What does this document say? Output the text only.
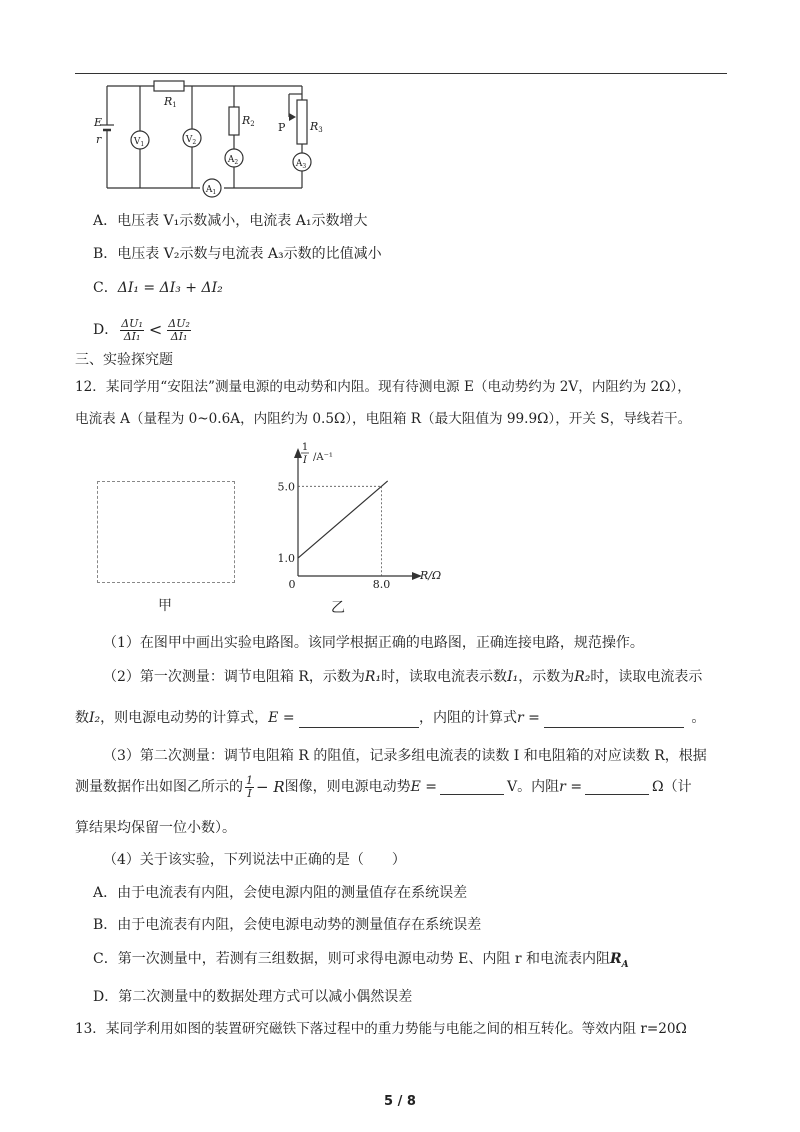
E
r
R1
R2	R3
P
$V_1$	$V_2$
$A_2$	$A_3$
$A_1$
A．电压表 V₁示数减小，电流表 A₁示数增大
B．电压表 V₂示数与电流表 A₃示数的比值减小
C．ΔI₁ = ΔI₃ + ΔI₂
D． ΔU₁
ΔI₁ < ΔU₂
ΔI₁
三、实验探究题
12．某同学用“安阻法”测量电源的电动势和内阻。现有待测电源 E（电动势约为 2V，内阻约为 2Ω），
电流表 A（量程为 0~0.6A，内阻约为 0.5Ω），电阻箱 R（最大阻值为 99.9Ω），开关 S，导线若干。
甲
1.0
5.0
8.0
0
R/Ω
1
I /A⁻¹
乙
（1）在图甲中画出实验电路图。该同学根据正确的电路图，正确连接电路，规范操作。
（2）第一次测量：调节电阻箱 R，示数为R₁时，读取电流表示数I₁，示数为R₂时，读取电流表示
数I₂，则电源电动势的计算式，E =	，内阻的计算式r =  	。
（3）第二次测量：调节电阻箱 R 的阻值，记录多组电流表的读数 I 和电阻箱的对应读数 R，根据
测量数据作出如图乙所示的 1
I − R 图像，则电源电动势 E =	V。内阻 r =	Ω（计
算结果均保留一位小数）。
（4）关于该实验，下列说法中正确的是（　　）
A．由于电流表有内阻，会使电源内阻的测量值存在系统误差
B．由于电流表有内阻，会使电源电动势的测量值存在系统误差
C．第一次测量中，若测有三组数据，则可求得电源电动势 E、内阻 r 和电流表内阻$R_A$
D．第二次测量中的数据处理方式可以减小偶然误差
13．某同学利用如图的装置研究磁铁下落过程中的重力势能与电能之间的相互转化。等效内阻 r=20Ω
5 / 8
